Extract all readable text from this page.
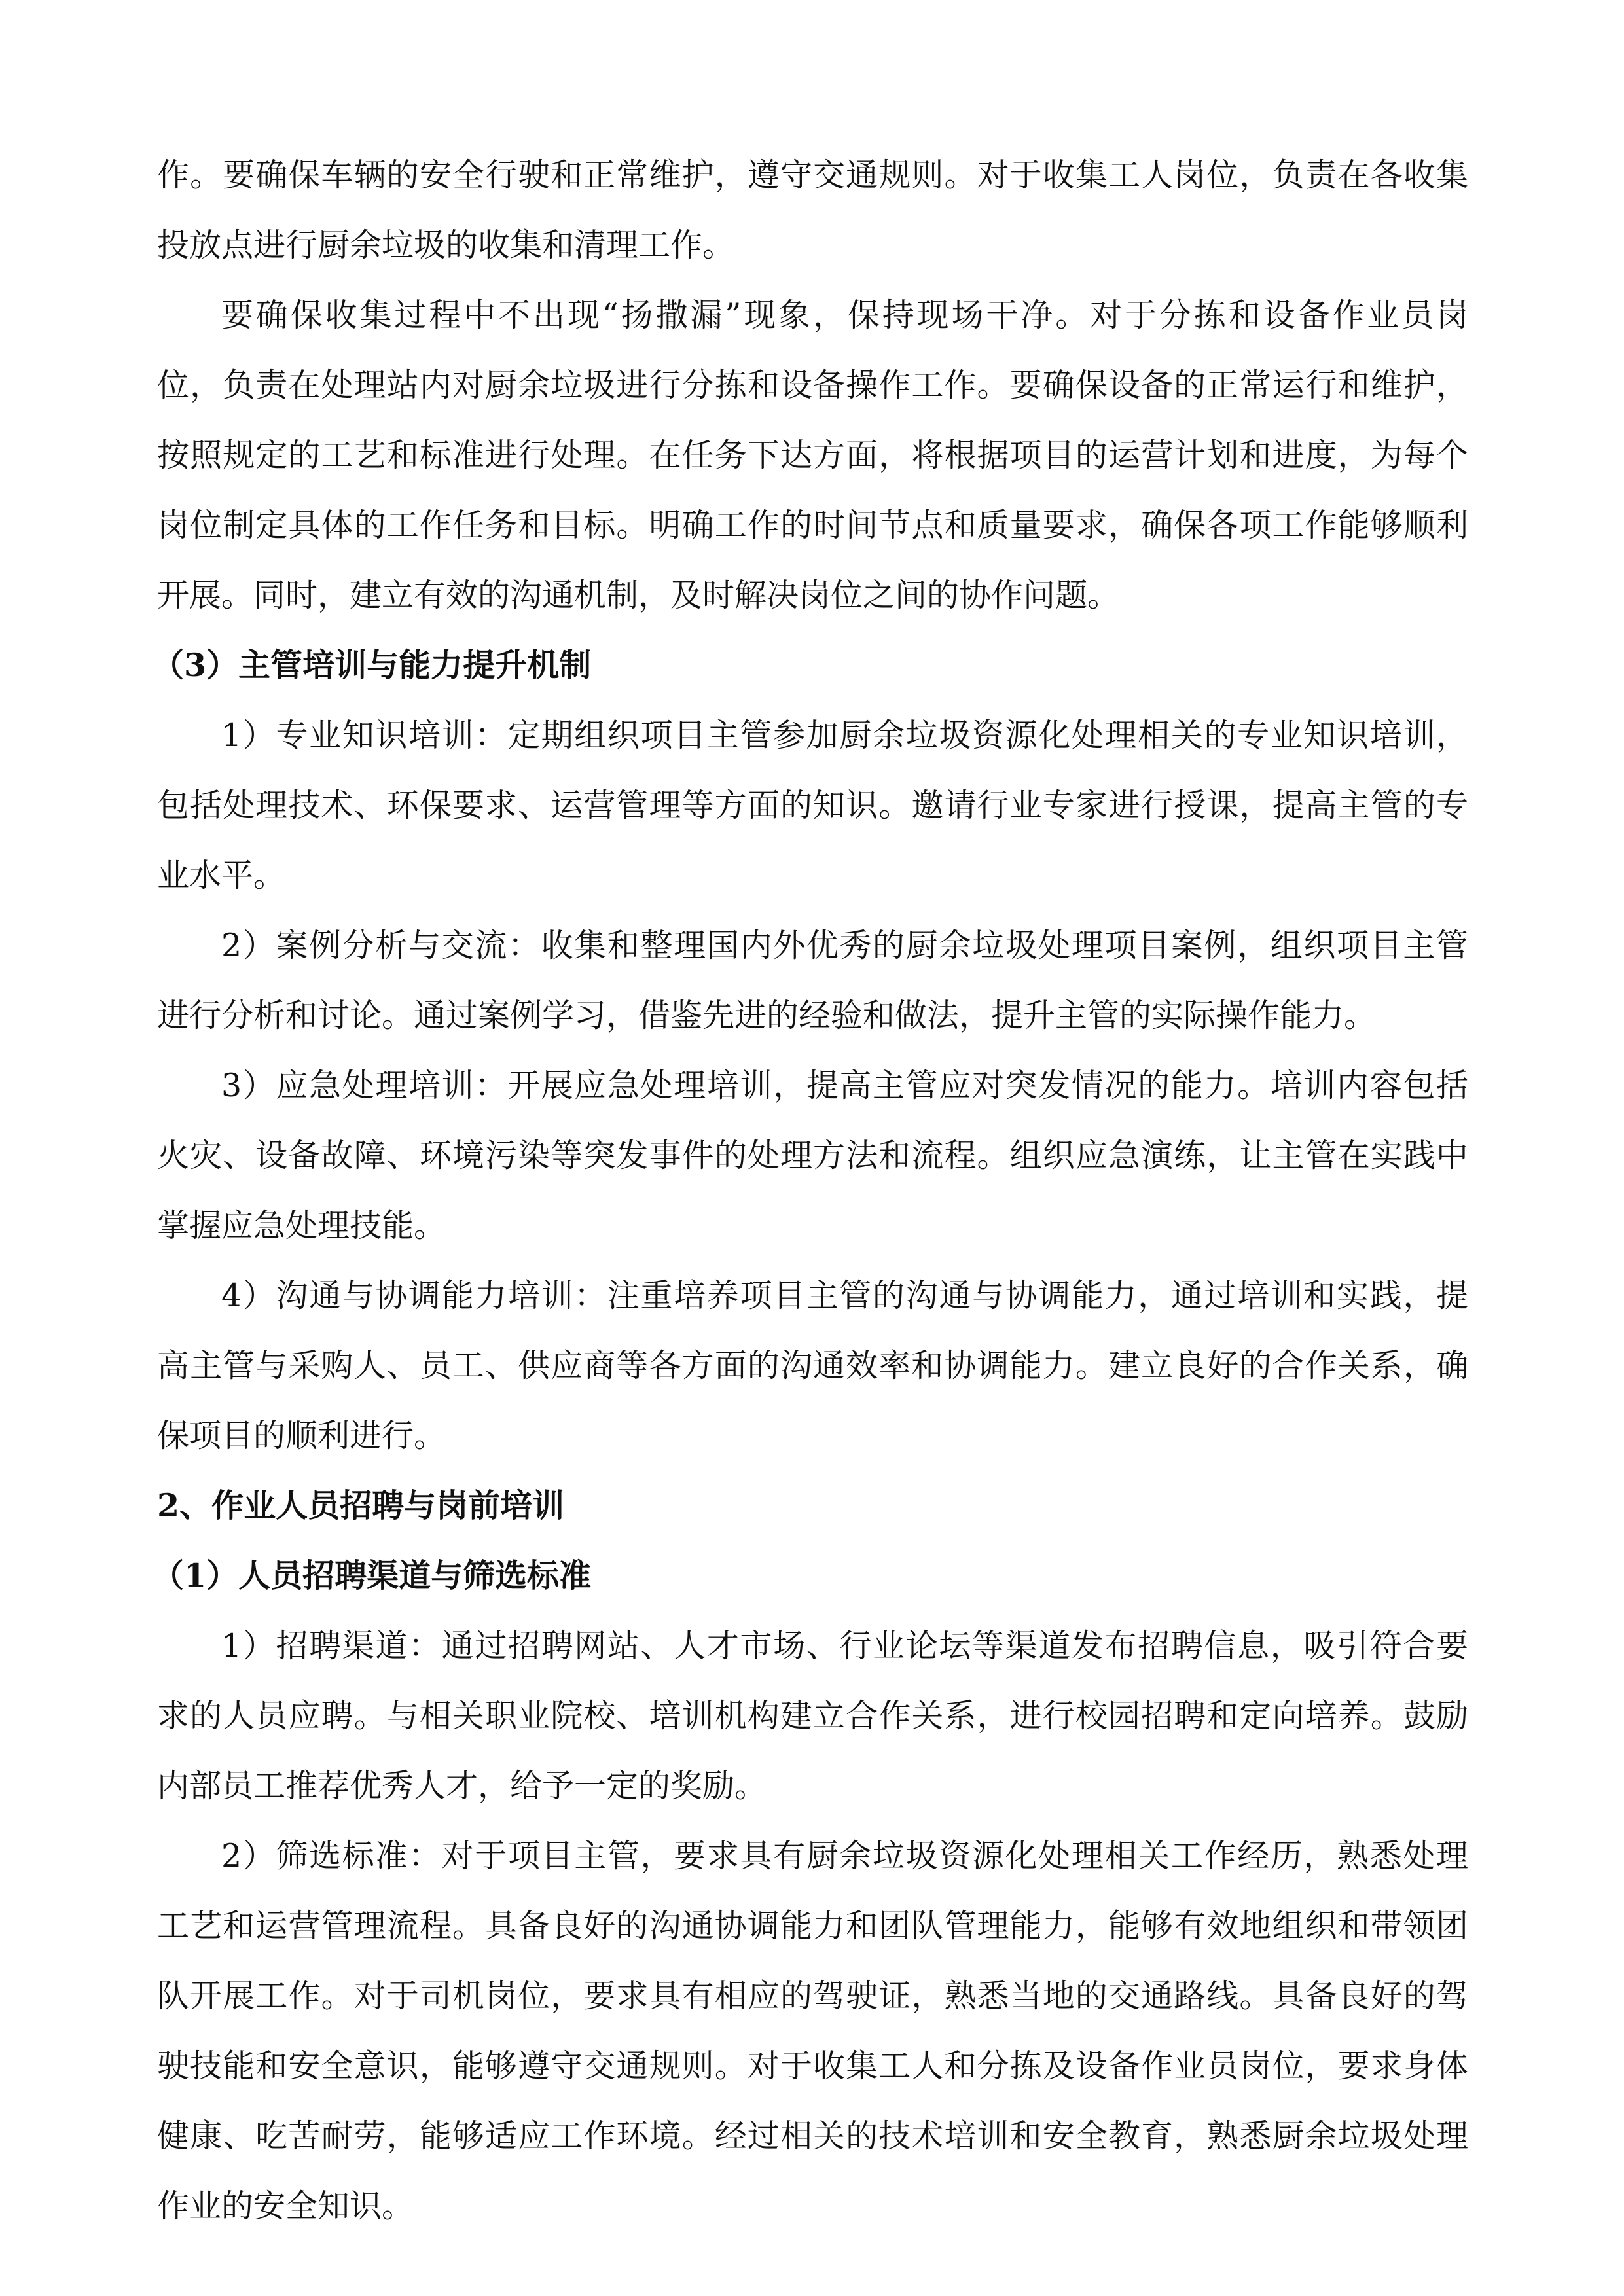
作。要确保车辆的安全行驶和正常维护，遵守交通规则。对于收集工人岗位，负责在各收集
投放点进行厨余垃圾的收集和清理工作。
要确保收集过程中不出现“扬撒漏”现象，保持现场干净。对于分拣和设备作业员岗
位，负责在处理站内对厨余垃圾进行分拣和设备操作工作。要确保设备的正常运行和维护，
按照规定的工艺和标准进行处理。在任务下达方面，将根据项目的运营计划和进度，为每个
岗位制定具体的工作任务和目标。明确工作的时间节点和质量要求，确保各项工作能够顺利
开展。同时，建立有效的沟通机制，及时解决岗位之间的协作问题。
（3）主管培训与能力提升机制
1）专业知识培训：定期组织项目主管参加厨余垃圾资源化处理相关的专业知识培训，
包括处理技术、环保要求、运营管理等方面的知识。邀请行业专家进行授课，提高主管的专
业水平。
2）案例分析与交流：收集和整理国内外优秀的厨余垃圾处理项目案例，组织项目主管
进行分析和讨论。通过案例学习，借鉴先进的经验和做法，提升主管的实际操作能力。
3）应急处理培训：开展应急处理培训，提高主管应对突发情况的能力。培训内容包括
火灾、设备故障、环境污染等突发事件的处理方法和流程。组织应急演练，让主管在实践中
掌握应急处理技能。
4）沟通与协调能力培训：注重培养项目主管的沟通与协调能力，通过培训和实践，提
高主管与采购人、员工、供应商等各方面的沟通效率和协调能力。建立良好的合作关系，确
保项目的顺利进行。
2、作业人员招聘与岗前培训
（1）人员招聘渠道与筛选标准
1）招聘渠道：通过招聘网站、人才市场、行业论坛等渠道发布招聘信息，吸引符合要
求的人员应聘。与相关职业院校、培训机构建立合作关系，进行校园招聘和定向培养。鼓励
内部员工推荐优秀人才，给予一定的奖励。
2）筛选标准：对于项目主管，要求具有厨余垃圾资源化处理相关工作经历，熟悉处理
工艺和运营管理流程。具备良好的沟通协调能力和团队管理能力，能够有效地组织和带领团
队开展工作。对于司机岗位，要求具有相应的驾驶证，熟悉当地的交通路线。具备良好的驾
驶技能和安全意识，能够遵守交通规则。对于收集工人和分拣及设备作业员岗位，要求身体
健康、吃苦耐劳，能够适应工作环境。经过相关的技术培训和安全教育，熟悉厨余垃圾处理
作业的安全知识。
